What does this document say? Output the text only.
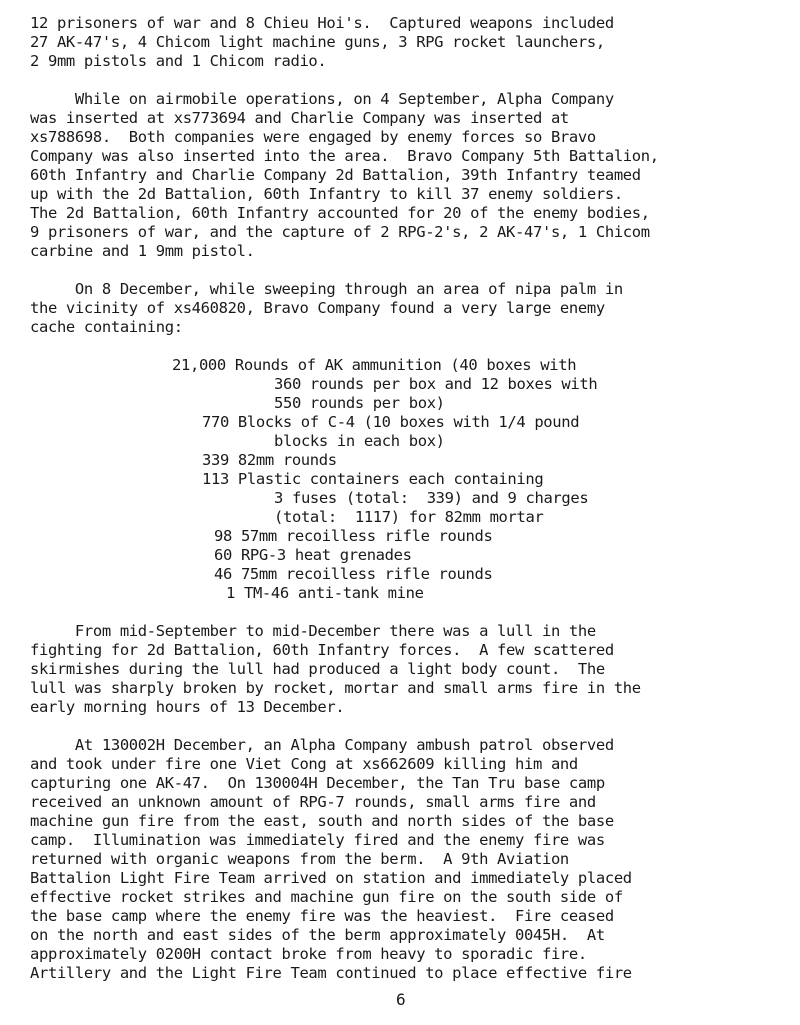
12 prisoners of war and 8 Chieu Hoi's.  Captured weapons included

27 AK-47's, 4 Chicom light machine guns, 3 RPG rocket launchers,

2 9mm pistols and 1 Chicom radio.

While on airmobile operations, on 4 September, Alpha Company

was inserted at xs773694 and Charlie Company was inserted at

xs788698.  Both companies were engaged by enemy forces so Bravo

Company was also inserted into the area.  Bravo Company 5th Battalion,

60th Infantry and Charlie Company 2d Battalion, 39th Infantry teamed

up with the 2d Battalion, 60th Infantry to kill 37 enemy soldiers.

The 2d Battalion, 60th Infantry accounted for 20 of the enemy bodies,

9 prisoners of war, and the capture of 2 RPG-2's, 2 AK-47's, 1 Chicom

carbine and 1 9mm pistol.

On 8 December, while sweeping through an area of nipa palm in

the vicinity of xs460820, Bravo Company found a very large enemy

cache containing:

21,000 Rounds of AK ammunition (40 boxes with

360 rounds per box and 12 boxes with

550 rounds per box)

770 Blocks of C-4 (10 boxes with 1/4 pound

blocks in each box)

339 82mm rounds

113 Plastic containers each containing

3 fuses (total:  339) and 9 charges

(total:  1117) for 82mm mortar

98 57mm recoilless rifle rounds

60 RPG-3 heat grenades

46 75mm recoilless rifle rounds

1 TM-46 anti-tank mine

From mid-September to mid-December there was a lull in the

fighting for 2d Battalion, 60th Infantry forces.  A few scattered

skirmishes during the lull had produced a light body count.  The

lull was sharply broken by rocket, mortar and small arms fire in the

early morning hours of 13 December.

At 130002H December, an Alpha Company ambush patrol observed

and took under fire one Viet Cong at xs662609 killing him and

capturing one AK-47.  On 130004H December, the Tan Tru base camp

received an unknown amount of RPG-7 rounds, small arms fire and

machine gun fire from the east, south and north sides of the base

camp.  Illumination was immediately fired and the enemy fire was

returned with organic weapons from the berm.  A 9th Aviation

Battalion Light Fire Team arrived on station and immediately placed

effective rocket strikes and machine gun fire on the south side of

the base camp where the enemy fire was the heaviest.  Fire ceased

on the north and east sides of the berm approximately 0045H.  At

approximately 0200H contact broke from heavy to sporadic fire.

Artillery and the Light Fire Team continued to place effective fire

6
